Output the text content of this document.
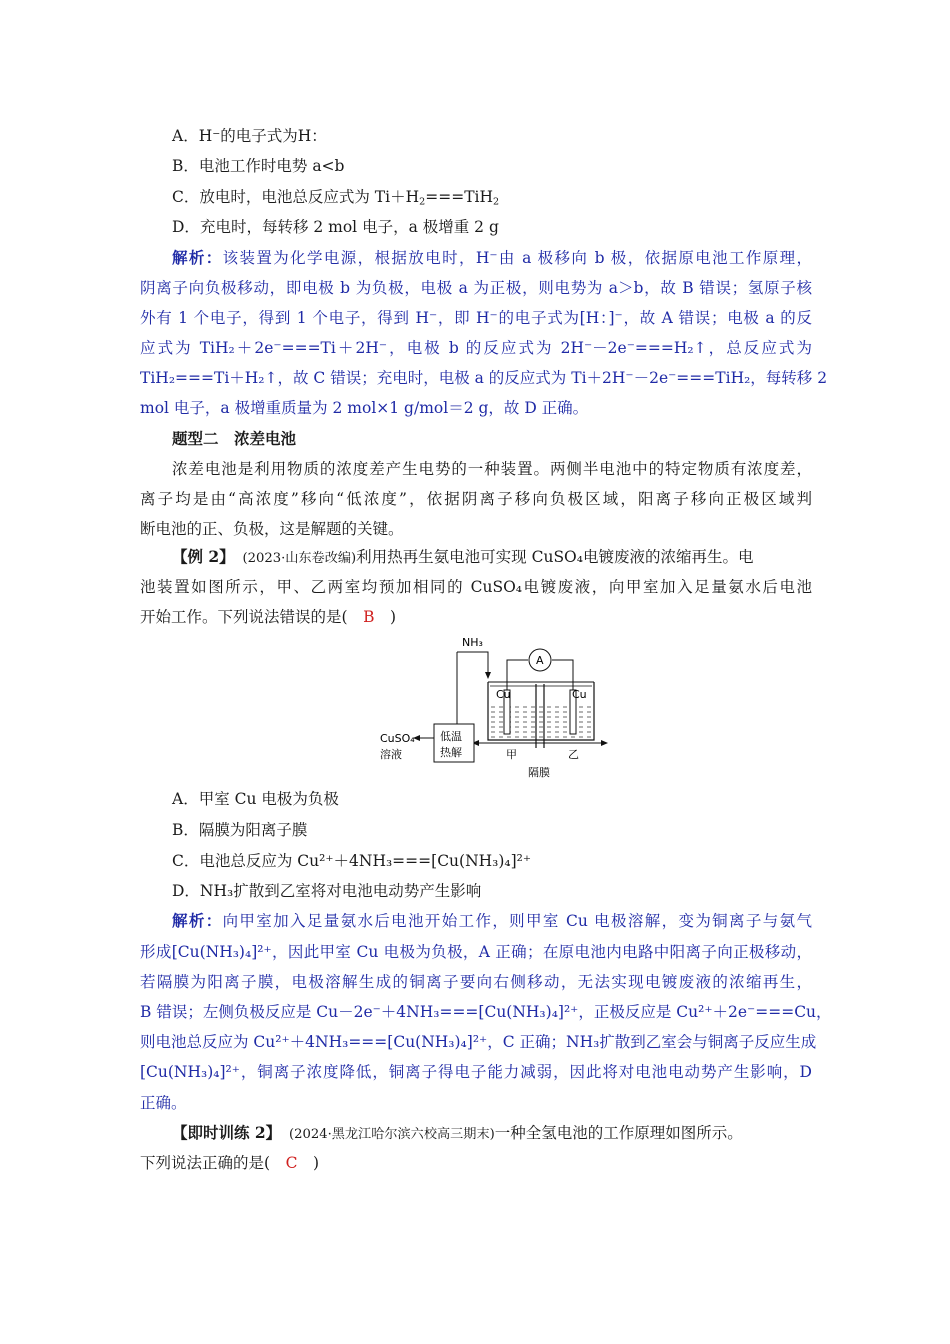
A．H−的电子式为H：
B．电池工作时电势 a<b
C．放电时，电池总反应式为 Ti＋H2===TiH2
D．充电时，每转移 2 mol 电子，a 极增重 2 g
解析：该装置为化学电源，根据放电时，H⁻由 a 极移向 b 极，依据原电池工作原理，
阴离子向负极移动，即电极 b 为负极，电极 a 为正极，则电势为 a＞b，故 B 错误；氢原子核
外有 1 个电子，得到 1 个电子，得到 H⁻，即 H⁻的电子式为[H：]⁻，故 A 错误；电极 a 的反
应式为 TiH₂＋2e⁻===Ti＋2H⁻，电极 b 的反应式为 2H⁻－2e⁻===H₂↑，总反应式为
TiH₂===Ti＋H₂↑，故 C 错误；充电时，电极 a 的反应式为 Ti＋2H⁻－2e⁻===TiH₂，每转移 2
mol 电子，a 极增重质量为 2 mol×1 g/mol＝2 g，故 D 正确。
题型二　浓差电池
浓差电池是利用物质的浓度差产生电势的一种装置。两侧半电池中的特定物质有浓度差，
离子均是由“高浓度”移向“低浓度”，依据阴离子移向负极区域，阳离子移向正极区域判
断电池的正、负极，这是解题的关键。
【例 2】　 (2023·山东卷改编)利用热再生氨电池可实现 CuSO₄电镀废液的浓缩再生。电
池装置如图所示，甲、乙两室均预加相同的 CuSO₄电镀废液，向甲室加入足量氨水后电池
开始工作。下列说法错误的是(　 B　 )
NH₃
A
Cu	Cu
低温
热解
CuSO₄
溶液	甲	乙
隔膜
A．甲室 Cu 电极为负极
B．隔膜为阳离子膜
C．电池总反应为 Cu²⁺＋4NH₃===[Cu(NH₃)₄]²⁺
D．NH₃扩散到乙室将对电池电动势产生影响
解析：向甲室加入足量氨水后电池开始工作，则甲室 Cu 电极溶解，变为铜离子与氨气
形成[Cu(NH₃)₄]²⁺，因此甲室 Cu 电极为负极，A 正确；在原电池内电路中阳离子向正极移动，
若隔膜为阳离子膜，电极溶解生成的铜离子要向右侧移动，无法实现电镀废液的浓缩再生，
B 错误；左侧负极反应是 Cu－2e⁻＋4NH₃===[Cu(NH₃)₄]²⁺，正极反应是 Cu²⁺＋2e⁻===Cu，
则电池总反应为 Cu²⁺＋4NH₃===[Cu(NH₃)₄]²⁺，C 正确；NH₃扩散到乙室会与铜离子反应生成
[Cu(NH₃)₄]²⁺，铜离子浓度降低，铜离子得电子能力减弱，因此将对电池电动势产生影响，D
正确。
【即时训练 2】　 (2024·黑龙江哈尔滨六校高三期末)一种全氢电池的工作原理如图所示。
下列说法正确的是(　 C　 )
